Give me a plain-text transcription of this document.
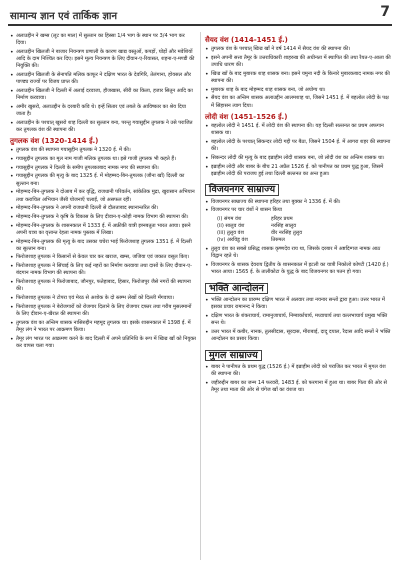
सामान्य ज्ञान एवं तार्किक ज्ञान	7
• अलाउद्दीन ने खम्स (लूट का माल) में सुल्तान का हिस्सा 1/4 भाग के स्थान पर 3/4 भाग कर दिया।
• अलाउद्दीन खिलजी ने बाजार नियन्त्रण प्रणाली के कारण खाद्य वस्तुओं, कपड़ों, घोड़ों और मवेशियों आदि के दाम निश्चित कर दिए। इसने मूल्य नियन्त्रण के लिए दीवान-ए-रियासत, शहना-ए-मण्डी की नियुक्ति की।
• अलाउद्दीन खिलजी के सेनापति मलिक काफूर ने दक्षिण भारत के देवगिरि, तेलंगाना, होयसल और पाण्ड्य राज्यों पर विजय प्राप्त की।
• अलाउद्दीन खिलजी ने दिल्ली में अलाई दरवाजा, हौजखास, सीरी का किला, हजार सितून आदि का निर्माण करवाया।
• अमीर खुसरो, अलाउद्दीन के दरबारी कवि थे। इन्हें सितार एवं तबले के आविष्कार का श्रेय दिया जाता है।
• अलाउद्दीन के पश्चात् खुसरो शाह दिल्ली का सुल्तान बना, परन्तु गयासुद्दीन तुगलक ने उसे पराजित कर तुगलक वंश की स्थापना की।
तुगलक वंश (1320-1414 ई.)
• तुगलक वंश की स्थापना गयासुद्दीन तुगलक ने 1320 ई. में की।
• गयासुद्दीन तुगलक का मूल नाम गाजी मलिक तुगलक था। इसे गाजी तुगलक भी कहते हैं।
• गयासुद्दीन तुगलक ने दिल्ली के समीप तुगलकाबाद नामक नगर की स्थापना की।
• गयासुद्दीन तुगलक की मृत्यु के बाद 1325 ई. में मोहम्मद-बिन-तुगलक (जौना खाँ) दिल्ली का सुल्तान बना।
• मोहम्मद-बिन-तुगलक ने दोआब में कर वृद्धि, राजधानी परिवर्तन, सांकेतिक मुद्रा, खुरासान अभियान तथा कराचिल अभियान जैसी योजनाएँ चलाईं, जो असफल रहीं।
• मोहम्मद-बिन-तुगलक ने अपनी राजधानी दिल्ली से दौलताबाद स्थानान्तरित की।
• मोहम्मद-बिन-तुगलक ने कृषि के विकास के लिए दीवान-ए-कोही नामक विभाग की स्थापना की।
• मोहम्मद-बिन-तुगलक के शासनकाल में 1333 ई. में अफ्रीकी यात्री इब्नबतूता भारत आया। इसने अपनी यात्रा का वृत्तान्त रेहला नामक पुस्तक में लिखा।
• मोहम्मद-बिन-तुगलक की मृत्यु के बाद उसका चचेरा भाई फिरोजशाह तुगलक 1351 ई. में दिल्ली का सुल्तान बना।
• फिरोजशाह तुगलक ने किसानों से केवल चार कर खराज, खम्स, जजिया एवं जकात वसूल किए।
• फिरोजशाह तुगलक ने सिंचाई के लिए कई नहरों का निर्माण करवाया तथा दासों के लिए दीवान-ए-बंदगान नामक विभाग की स्थापना की।
• फिरोजशाह तुगलक ने फिरोजाबाद, जौनपुर, फतेहाबाद, हिसार, फिरोजपुर जैसे नगरों की स्थापना की।
• फिरोजशाह तुगलक ने टोपरा एवं मेरठ से अशोक के दो स्तम्भ लेखों को दिल्ली मँगवाया।
• फिरोजशाह तुगलक ने बेरोजगारों को रोजगार दिलाने के लिए रोजगार दफ्तर तथा गरीब मुसलमानों के लिए दीवान-ए-खैरात की स्थापना की।
• तुगलक वंश का अन्तिम शासक नासिरुद्दीन महमूद तुगलक था। इसके शासनकाल में 1398 ई. में तैमूर लंग ने भारत पर आक्रमण किया।
• तैमूर लंग भारत पर आक्रमण करने के बाद दिल्ली में अपने प्रतिनिधि के रूप में खिज्र खाँ को नियुक्त कर वापस चला गया।
सैयद वंश (1414-1451 ई.)
• तुगलक वंश के पश्चात् खिज्र खाँ ने वर्ष 1414 में सैयद वंश की स्थापना की।
• इसने अपनी सत्ता तैमूर के उत्तराधिकारी शाहरुख की अधीनता में स्थापित की तथा रैयत-ए-आला की उपाधि धारण की।
• खिज्र खाँ के बाद मुबारक शाह शासक बना। इसने यमुना नदी के किनारे मुबारकबाद नामक नगर की स्थापना की।
• मुबारक शाह के बाद मोहम्मद शाह शासक बना, जो अयोग्य था।
• सैयद वंश का अन्तिम शासक अलाउद्दीन आलमशाह था, जिसने 1451 ई. में बहलोल लोदी के पक्ष में सिंहासन त्याग दिया।
लोदी वंश (1451-1526 ई.)
• बहलोल लोदी ने 1451 ई. में लोदी वंश की स्थापना की। यह दिल्ली सल्तनत का प्रथम अफगान शासक था।
• बहलोल लोदी के पश्चात् सिकन्दर लोदी गद्दी पर बैठा, जिसने 1504 ई. में आगरा शहर की स्थापना की।
• सिकन्दर लोदी की मृत्यु के बाद इब्राहीम लोदी शासक बना, जो लोदी वंश का अन्तिम शासक था।
• इब्राहीम लोदी और बाबर के बीच 21 अप्रैल 1526 ई. को पानीपत का प्रथम युद्ध हुआ, जिसमें इब्राहीम लोदी की पराजय हुई तथा दिल्ली सल्तनत का अन्त हुआ।
विजयनगर साम्राज्य
• विजयनगर साम्राज्य की स्थापना हरिहर तथा बुक्का ने 1336 ई. में की।
• विजयनगर पर चार वंशों ने शासन किया
(i) संगम वंश	हरिहर प्रथम
(ii) सालुव वंश	नरसिंह सालुव
(iii) तुलुव वंश	वीर नरसिंह तुलुव
(iv) अरविडु वंश	तिरुमल
• तुलुव वंश का सबसे प्रसिद्ध शासक कृष्णदेव राय था, जिसके दरबार में अष्टदिग्गज नामक आठ विद्वान रहते थे।
• विजयनगर के शासक देवराय द्वितीय के शासनकाल में इटली का यात्री निकोलो कोण्टी (1420 ई.) भारत आया। 1565 ई. के तालीकोटा के युद्ध के बाद विजयनगर का पतन हो गया।
भक्ति आन्दोलन
• भक्ति आन्दोलन का प्रारम्भ दक्षिण भारत में अलवार तथा नयनार सन्तों द्वारा हुआ। उत्तर भारत में इसका प्रचार रामानन्द ने किया।
• दक्षिण भारत के शंकराचार्य, रामानुजाचार्य, निम्बार्काचार्य, मध्वाचार्य तथा वल्लभाचार्य प्रमुख भक्ति सन्त थे।
• उत्तर भारत में कबीर, नानक, तुलसीदास, सूरदास, मीराबाई, दादू दयाल, रैदास आदि सन्तों ने भक्ति आन्दोलन का प्रसार किया।
मुगल साम्राज्य
• बाबर ने पानीपत के प्रथम युद्ध (1526 ई.) में इब्राहीम लोदी को पराजित कर भारत में मुगल वंश की स्थापना की।
• जहीरुद्दीन बाबर का जन्म 14 फरवरी, 1483 ई. को फरगाना में हुआ था। बाबर पिता की ओर से तैमूर तथा माता की ओर से चंगेज खाँ का वंशज था।
